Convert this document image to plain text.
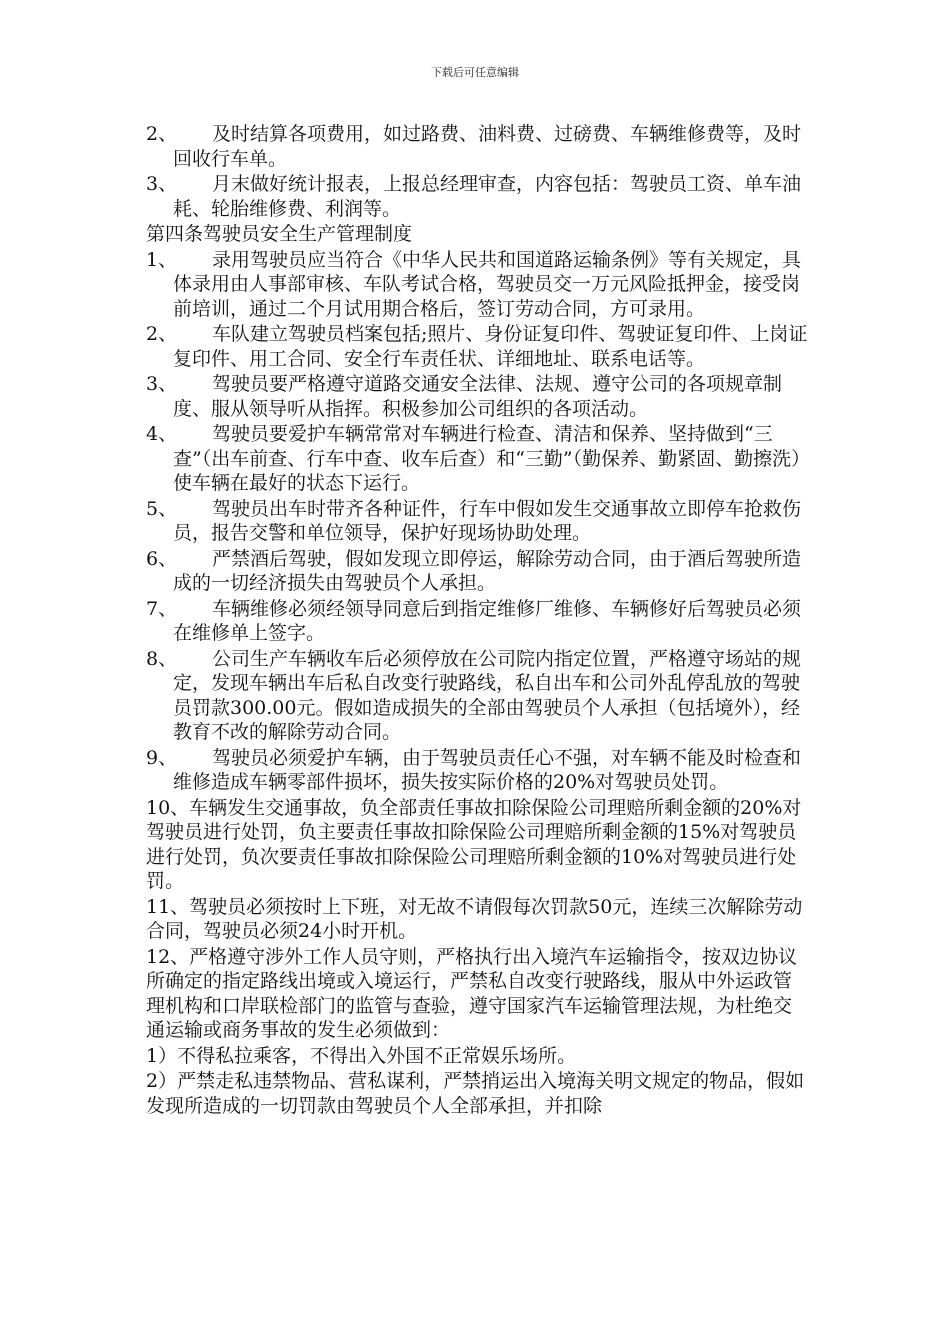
下载后可任意编辑
2、	及时结算各项费用，如过路费、油料费、过磅费、车辆维修费等，及时回收行车单。
3、	月末做好统计报表，上报总经理审查，内容包括：驾驶员工资、单车油耗、轮胎维修费、利润等。
第四条驾驶员安全生产管理制度
1、	录用驾驶员应当符合《中华人民共和国道路运输条例》等有关规定，具体录用由人事部审核、车队考试合格，驾驶员交一万元风险抵押金，接受岗前培训，通过二个月试用期合格后，签订劳动合同，方可录用。
2、	车队建立驾驶员档案包括;照片、身份证复印件、驾驶证复印件、上岗证复印件、用工合同、安全行车责任状、详细地址、联系电话等。
3、	驾驶员要严格遵守道路交通安全法律、法规、遵守公司的各项规章制度、服从领导听从指挥。积极参加公司组织的各项活动。
4、	驾驶员要爱护车辆常常对车辆进行检查、清洁和保养、坚持做到“三查”（出车前查、行车中查、收车后查）和“三勤”（勤保养、勤紧固、勤擦洗）使车辆在最好的状态下运行。
5、	驾驶员出车时带齐各种证件，行车中假如发生交通事故立即停车抢救伤员，报告交警和单位领导，保护好现场协助处理。
6、	严禁酒后驾驶，假如发现立即停运，解除劳动合同，由于酒后驾驶所造成的一切经济损失由驾驶员个人承担。
7、	车辆维修必须经领导同意后到指定维修厂维修、车辆修好后驾驶员必须在维修单上签字。
8、	公司生产车辆收车后必须停放在公司院内指定位置，严格遵守场站的规定，发现车辆出车后私自改变行驶路线，私自出车和公司外乱停乱放的驾驶员罚款300.00元。假如造成损失的全部由驾驶员个人承担（包括境外），经教育不改的解除劳动合同。
9、	驾驶员必须爱护车辆，由于驾驶员责任心不强，对车辆不能及时检查和维修造成车辆零部件损坏，损失按实际价格的20%对驾驶员处罚。
10、车辆发生交通事故，负全部责任事故扣除保险公司理赔所剩金额的20%对驾驶员进行处罚，负主要责任事故扣除保险公司理赔所剩金额的15%对驾驶员进行处罚，负次要责任事故扣除保险公司理赔所剩金额的10%对驾驶员进行处罚。
11、驾驶员必须按时上下班，对无故不请假每次罚款50元，连续三次解除劳动合同，驾驶员必须24小时开机。
12、严格遵守涉外工作人员守则，严格执行出入境汽车运输指令，按双边协议所确定的指定路线出境或入境运行，严禁私自改变行驶路线，服从中外运政管理机构和口岸联检部门的监管与查验，遵守国家汽车运输管理法规，为杜绝交通运输或商务事故的发生必须做到：
1）不得私拉乘客，不得出入外国不正常娱乐场所。
2）严禁走私违禁物品、营私谋利，严禁捎运出入境海关明文规定的物品，假如发现所造成的一切罚款由驾驶员个人全部承担，并扣除
